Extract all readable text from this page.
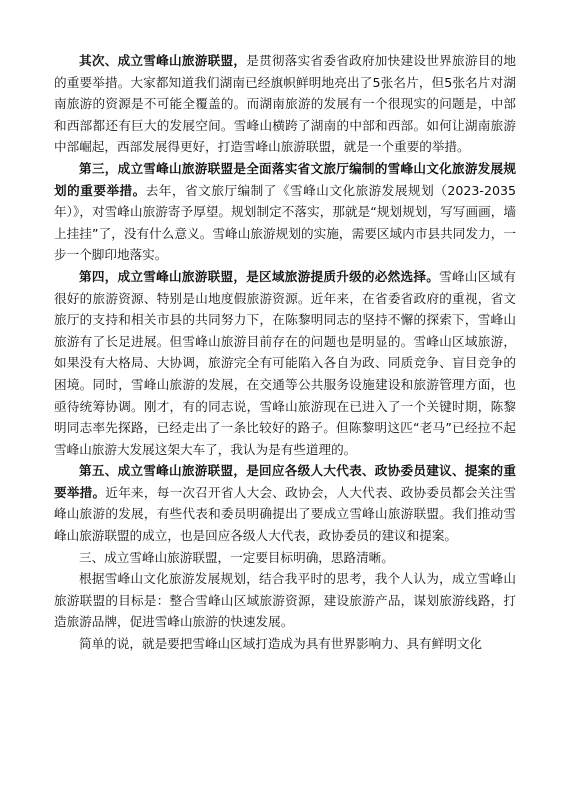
其次、成立雪峰山旅游联盟，是贯彻落实省委省政府加快建设世界旅游目的地的重要举措。大家都知道我们湖南已经旗帜鲜明地亮出了5张名片，但5张名片对湖南旅游的资源是不可能全覆盖的。而湖南旅游的发展有一个很现实的问题是，中部和西部都还有巨大的发展空间。雪峰山横跨了湖南的中部和西部。如何让湖南旅游中部崛起，西部发展得更好，打造雪峰山旅游联盟，就是一个重要的举措。

第三，成立雪峰山旅游联盟是全面落实省文旅厅编制的雪峰山文化旅游发展规划的重要举措。去年，省文旅厅编制了《雪峰山文化旅游发展规划（2023-2035年）》，对雪峰山旅游寄予厚望。规划制定不落实，那就是“规划规划，写写画画，墙上挂挂”了，没有什么意义。雪峰山旅游规划的实施，需要区域内市县共同发力，一步一个脚印地落实。

第四，成立雪峰山旅游联盟，是区域旅游提质升级的必然选择。雪峰山区域有很好的旅游资源、特别是山地度假旅游资源。近年来，在省委省政府的重视，省文旅厅的支持和相关市县的共同努力下，在陈黎明同志的坚持不懈的探索下，雪峰山旅游有了长足进展。但雪峰山旅游目前存在的问题也是明显的。雪峰山区域旅游，如果没有大格局、大协调，旅游完全有可能陷入各自为政、同质竞争、盲目竞争的困境。同时，雪峰山旅游的发展，在交通等公共服务设施建设和旅游管理方面，也亟待统筹协调。刚才，有的同志说，雪峰山旅游现在已进入了一个关键时期，陈黎明同志率先探路，已经走出了一条比较好的路子。但陈黎明这匹“老马”已经拉不起雪峰山旅游大发展这架大车了，我认为是有些道理的。

第五、成立雪峰山旅游联盟，是回应各级人大代表、政协委员建议、提案的重要举措。近年来，每一次召开省人大会、政协会，人大代表、政协委员都会关注雪峰山旅游的发展，有些代表和委员明确提出了要成立雪峰山旅游联盟。我们推动雪峰山旅游联盟的成立，也是回应各级人大代表，政协委员的建议和提案。

三、成立雪峰山旅游联盟，一定要目标明确，思路清晰。

根据雪峰山文化旅游发展规划，结合我平时的思考，我个人认为，成立雪峰山旅游联盟的目标是：整合雪峰山区域旅游资源，建设旅游产品，谋划旅游线路，打造旅游品牌，促进雪峰山旅游的快速发展。

简单的说，就是要把雪峰山区域打造成为具有世界影响力、具有鲜明文化
